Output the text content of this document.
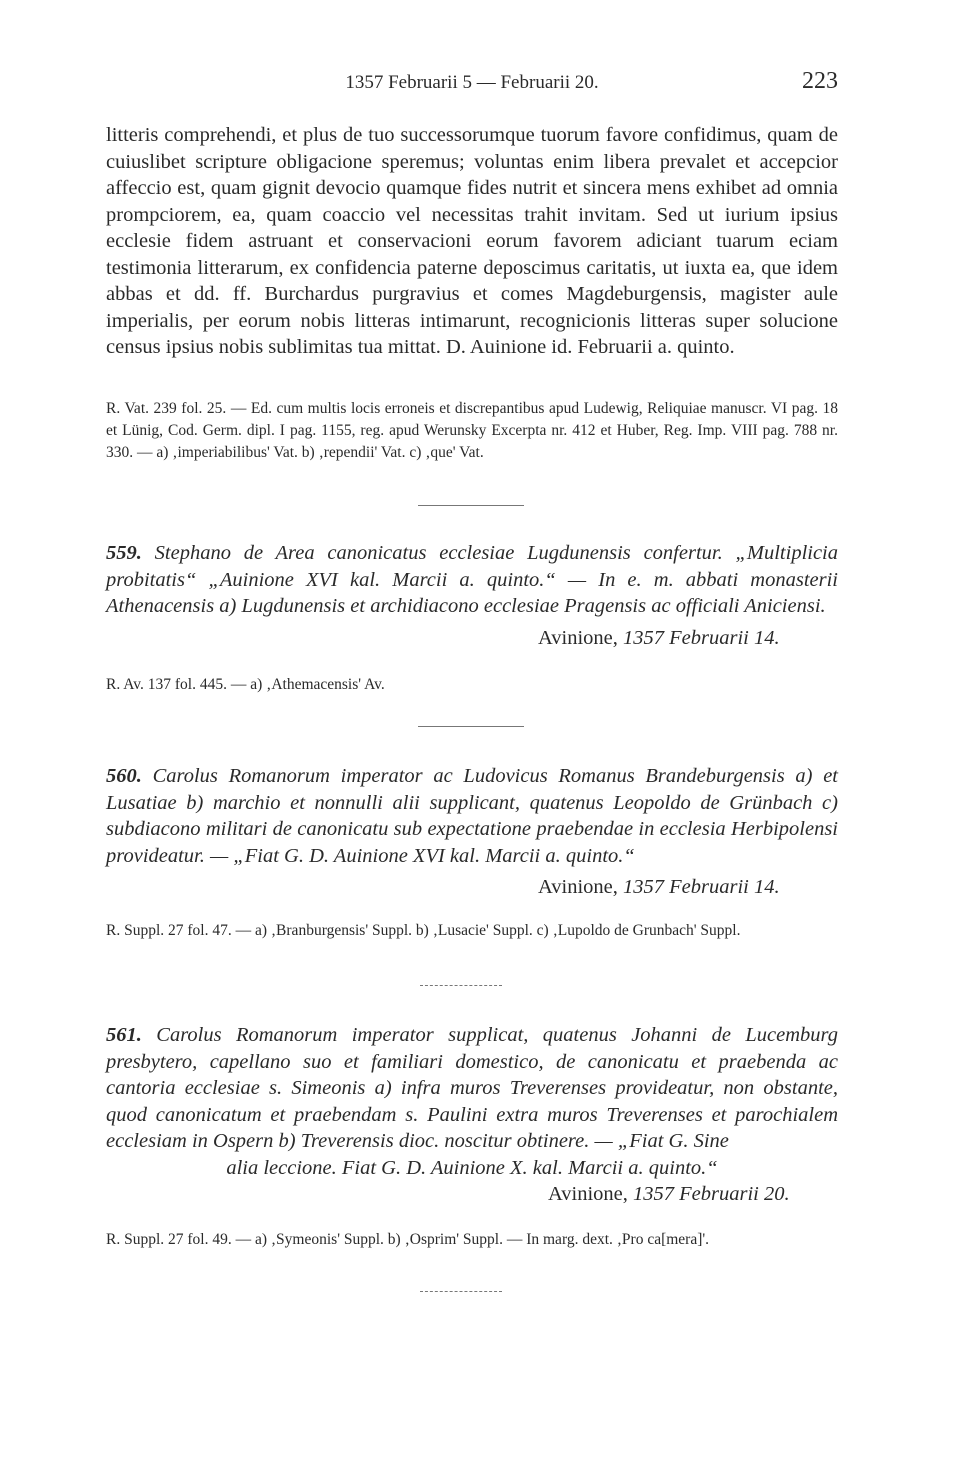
1357 Februarii 5 — Februarii 20.	223

litteris comprehendi, et plus de tuo successorumque tuorum favore confidimus, quam de cuiuslibet scripture obligacione speremus; voluntas enim libera prevalet et accepcior affeccio est, quam gignit devocio quamque fides nutrit et sincera mens exhibet ad omnia prompciorem, ea, quam coaccio vel necessitas trahit invitam. Sed ut iurium ipsius ecclesie fidem astruant et conservacioni eorum favorem adiciant tuarum eciam testimonia litterarum, ex confidencia paterne deposcimus caritatis, ut iuxta ea, que idem abbas et dd. ff. Burchardus purgravius et comes Magdeburgensis, magister aule imperialis, per eorum nobis litteras intimarunt, recognicionis litteras super solucione census ipsius nobis sublimitas tua mittat. D. Auinione id. Februarii a. quinto.

R. Vat. 239 fol. 25. — Ed. cum multis locis erroneis et discrepantibus apud Ludewig, Reliquiae manuscr. VI pag. 18 et Lünig, Cod. Germ. dipl. I pag. 1155, reg. apud Werunsky Excerpta nr. 412 et Huber, Reg. Imp. VIII pag. 788 nr. 330. — a) ‚imperiabilibus' Vat. b) ‚rependii' Vat. c) ‚que' Vat.

559. Stephano de Area canonicatus ecclesiae Lugdunensis confertur. „Multiplicia probitatis“ „Auinione XVI kal. Marcii a. quinto.“ — In e. m. abbati monasterii Athenacensis a) Lugdunensis et archidiacono ecclesiae Pragensis ac officiali Aniciensi.

Avinione, 1357 Februarii 14.

R. Av. 137 fol. 445. — a) ‚Athemacensis' Av.

560. Carolus Romanorum imperator ac Ludovicus Romanus Brandeburgensis a) et Lusatiae b) marchio et nonnulli alii supplicant, quatenus Leopoldo de Grünbach c) subdiacono militari de canonicatu sub expectatione praebendae in ecclesia Herbipolensi provideatur. — „Fiat G. D. Auinione XVI kal. Marcii a. quinto.“

Avinione, 1357 Februarii 14.

R. Suppl. 27 fol. 47. — a) ‚Branburgensis' Suppl. b) ‚Lusacie' Suppl. c) ‚Lupoldo de Grunbach' Suppl.

561. Carolus Romanorum imperator supplicat, quatenus Johanni de Lucemburg presbytero, capellano suo et familiari domestico, de canonicatu et praebenda ac cantoria ecclesiae s. Simeonis a) infra muros Treverenses provideatur, non obstante, quod canonicatum et praebendam s. Paulini extra muros Treverenses et parochialem ecclesiam in Ospern b) Treverensis dioc. noscitur obtinere. — „Fiat G. Sine

alia leccione. Fiat G. D. Auinione X. kal. Marcii a. quinto.“

Avinione, 1357 Februarii 20.

R. Suppl. 27 fol. 49. — a) ‚Symeonis' Suppl. b) ‚Osprim' Suppl. — In marg. dext. ‚Pro ca[mera]'.
